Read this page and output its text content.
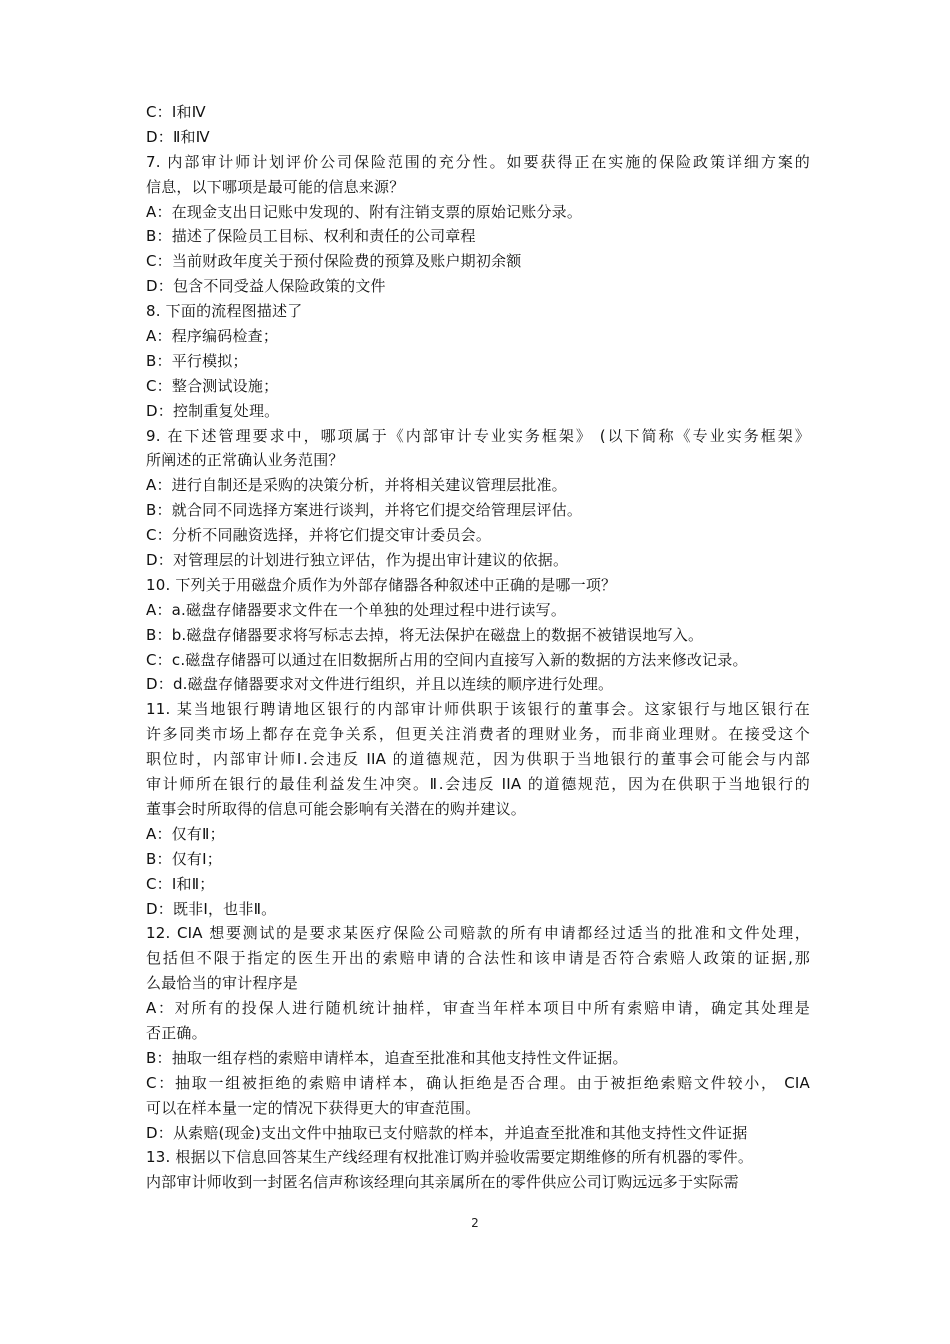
C：Ⅰ和Ⅳ
D：Ⅱ和Ⅳ
7. 内部审计师计划评价公司保险范围的充分性。如要获得正在实施的保险政策详细方案的
信息，以下哪项是最可能的信息来源？
A：在现金支出日记账中发现的、附有注销支票的原始记账分录。
B：描述了保险员工目标、权利和责任的公司章程
C：当前财政年度关于预付保险费的预算及账户期初余额
D：包含不同受益人保险政策的文件
8. 下面的流程图描述了
A：程序编码检查；
B：平行模拟；
C：整合测试设施；
D：控制重复处理。
9. 在下述管理要求中，哪项属于《内部审计专业实务框架》 (以下简称《专业实务框架》
所阐述的正常确认业务范围？
A：进行自制还是采购的决策分析，并将相关建议管理层批准。
B：就合同不同选择方案进行谈判，并将它们提交给管理层评估。
C：分析不同融资选择，并将它们提交审计委员会。
D：对管理层的计划进行独立评估，作为提出审计建议的依据。
10. 下列关于用磁盘介质作为外部存储器各种叙述中正确的是哪一项？
A：a.磁盘存储器要求文件在一个单独的处理过程中进行读写。
B：b.磁盘存储器要求将写标志去掉，将无法保护在磁盘上的数据不被错误地写入。
C：c.磁盘存储器可以通过在旧数据所占用的空间内直接写入新的数据的方法来修改记录。
D：d.磁盘存储器要求对文件进行组织，并且以连续的顺序进行处理。
11. 某当地银行聘请地区银行的内部审计师供职于该银行的董事会。这家银行与地区银行在
许多同类市场上都存在竞争关系，但更关注消费者的理财业务，而非商业理财。在接受这个
职位时，内部审计师Ⅰ.会违反 IIA 的道德规范，因为供职于当地银行的董事会可能会与内部
审计师所在银行的最佳利益发生冲突。Ⅱ.会违反 IIA 的道德规范，因为在供职于当地银行的
董事会时所取得的信息可能会影响有关潜在的购并建议。
A：仅有Ⅱ；
B：仅有Ⅰ；
C：Ⅰ和Ⅱ；
D：既非Ⅰ，也非Ⅱ。
12. CIA 想要测试的是要求某医疗保险公司赔款的所有申请都经过适当的批准和文件处理，
包括但不限于指定的医生开出的索赔申请的合法性和该申请是否符合索赔人政策的证据,那
么最恰当的审计程序是
A：对所有的投保人进行随机统计抽样，审查当年样本项目中所有索赔申请，确定其处理是
否正确。
B：抽取一组存档的索赔申请样本，追查至批准和其他支持性文件证据。
C：抽取一组被拒绝的索赔申请样本，确认拒绝是否合理。由于被拒绝索赔文件较小， CIA
可以在样本量一定的情况下获得更大的审查范围。
D：从索赔(现金)支出文件中抽取已支付赔款的样本，并追查至批准和其他支持性文件证据
13. 根据以下信息回答某生产线经理有权批准订购并验收需要定期维修的所有机器的零件。
内部审计师收到一封匿名信声称该经理向其亲属所在的零件供应公司订购远远多于实际需
2
